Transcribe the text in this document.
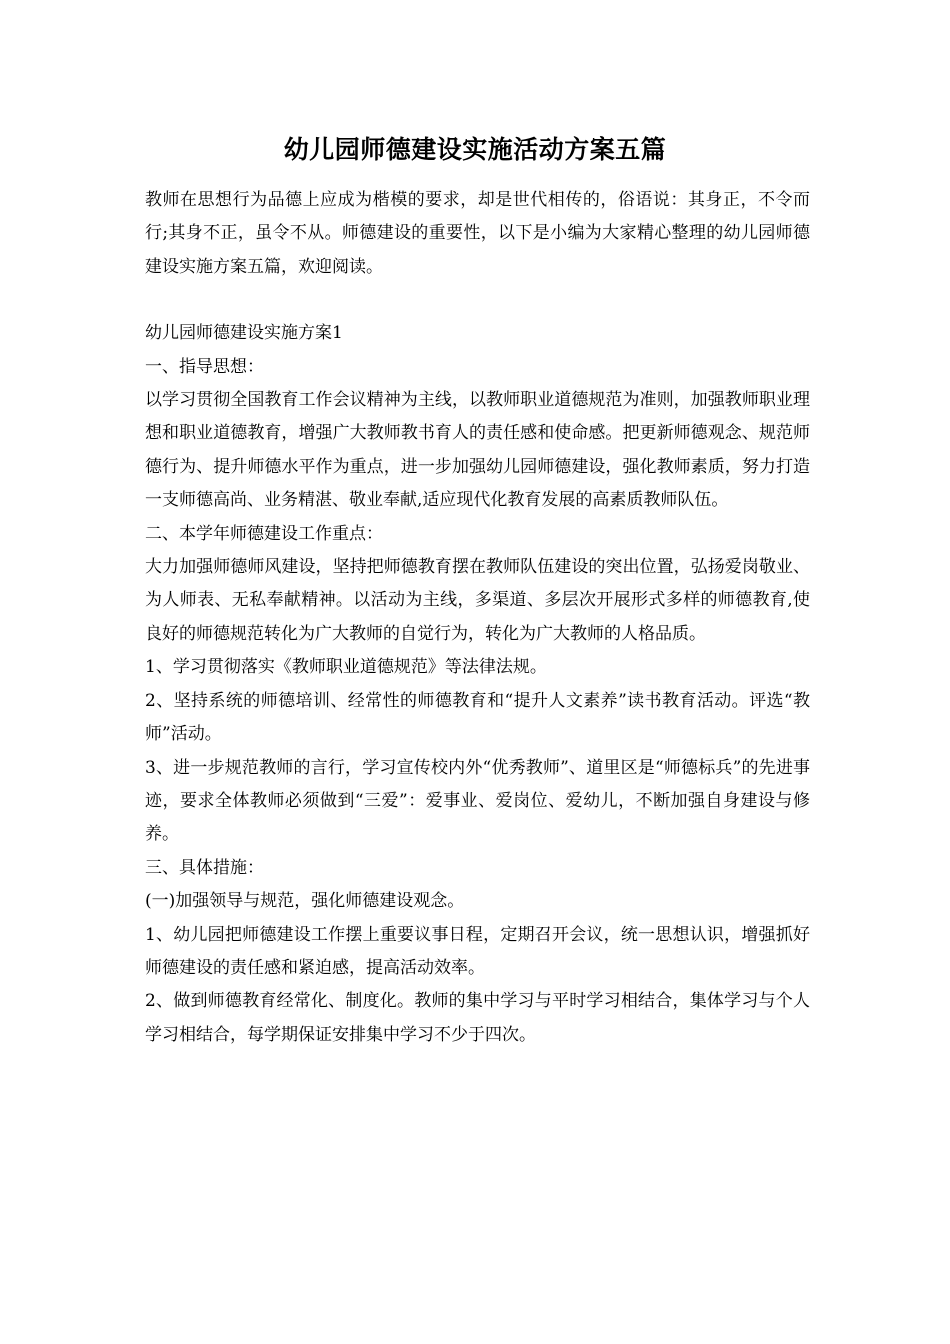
幼儿园师德建设实施活动方案五篇

教师在思想行为品德上应成为楷模的要求，却是世代相传的，俗语说：其身正，不令而行;其身不正，虽令不从。师德建设的重要性，以下是小编为大家精心整理的幼儿园师德建设实施方案五篇，欢迎阅读。

幼儿园师德建设实施方案1

一、指导思想：

以学习贯彻全国教育工作会议精神为主线，以教师职业道德规范为准则，加强教师职业理想和职业道德教育，增强广大教师教书育人的责任感和使命感。把更新师德观念、规范师德行为、提升师德水平作为重点，进一步加强幼儿园师德建设，强化教师素质，努力打造一支师德高尚、业务精湛、敬业奉献,适应现代化教育发展的高素质教师队伍。

二、本学年师德建设工作重点：

大力加强师德师风建设，坚持把师德教育摆在教师队伍建设的突出位置，弘扬爱岗敬业、为人师表、无私奉献精神。以活动为主线，多渠道、多层次开展形式多样的师德教育,使良好的师德规范转化为广大教师的自觉行为，转化为广大教师的人格品质。

1、学习贯彻落实《教师职业道德规范》等法律法规。

2、坚持系统的师德培训、经常性的师德教育和“提升人文素养”读书教育活动。评选“教师”活动。

3、进一步规范教师的言行，学习宣传校内外“优秀教师”、道里区是“师德标兵”的先进事迹，要求全体教师必须做到“三爱”：爱事业、爱岗位、爱幼儿，不断加强自身建设与修养。

三、具体措施：

(一)加强领导与规范，强化师德建设观念。

1、幼儿园把师德建设工作摆上重要议事日程，定期召开会议，统一思想认识，增强抓好师德建设的责任感和紧迫感，提高活动效率。

2、做到师德教育经常化、制度化。教师的集中学习与平时学习相结合，集体学习与个人学习相结合，每学期保证安排集中学习不少于四次。
